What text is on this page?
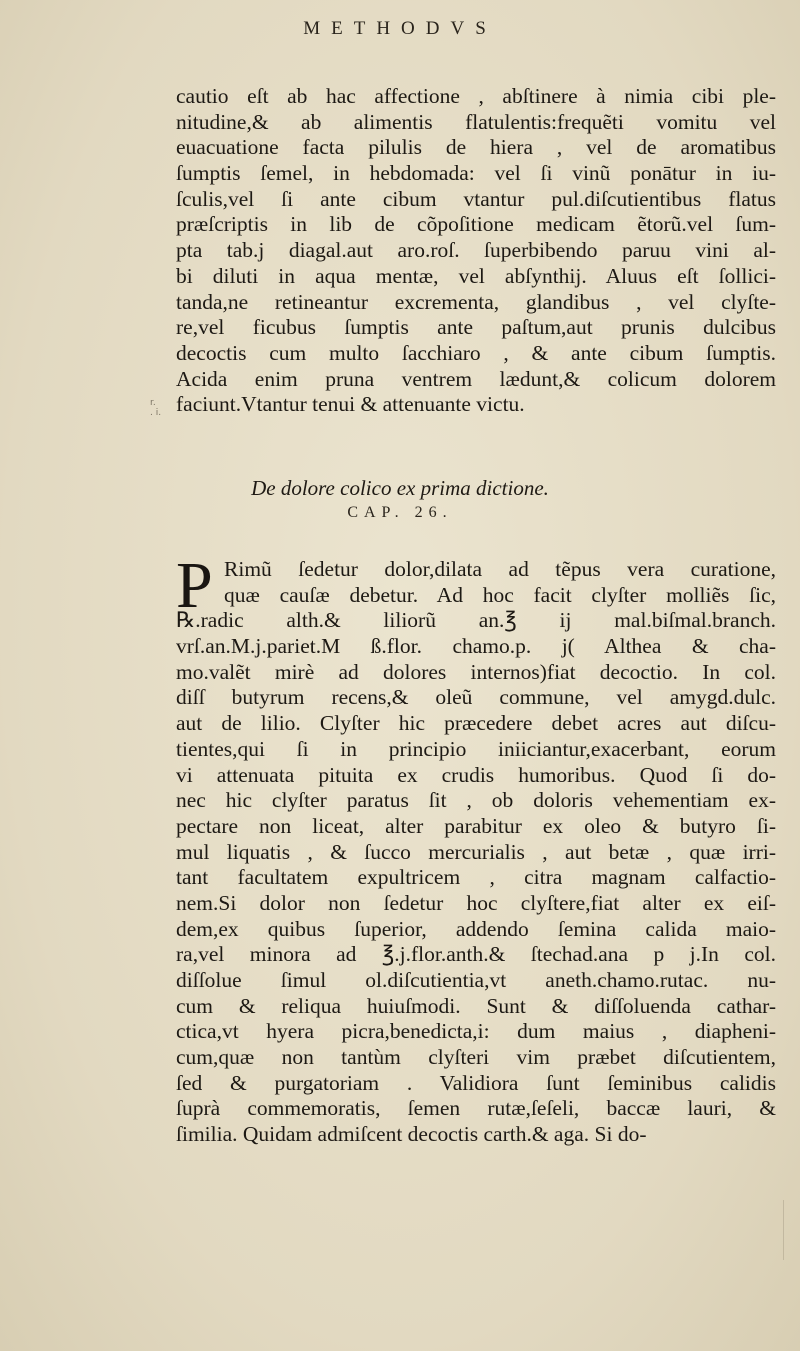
METHODVS
r.
. i.
cautio eſt ab hac affectione , abſtinere à nimia cibi ple-
nitudine,& ab alimentis flatulentis:frequẽti vomitu vel
euacuatione facta pilulis de hiera , vel de aromatibus
ſumptis ſemel, in hebdomada: vel ſi vinũ ponātur in iu-
ſculis,vel ſi ante cibum vtantur pul.diſcutientibus flatus
præſcriptis in lib de cõpoſitione medicam ẽtorũ.vel ſum-
pta tab.j diagal.aut aro.roſ. ſuperbibendo paruu vini al-
bi diluti in aqua mentæ, vel abſynthij. Aluus eſt ſollici-
tanda,ne retineantur excrementa, glandibus , vel clyſte-
re,vel ficubus ſumptis ante paſtum,aut prunis dulcibus
decoctis cum multo ſacchiaro , & ante cibum ſumptis.
Acida enim pruna ventrem lædunt,& colicum dolorem
faciunt.Vtantur tenui & attenuante victu.
De dolore colico ex prima dictione.
CAP. 26.
P Rimũ ſedetur dolor,dilata ad tẽpus vera curatione,
quæ cauſæ debetur. Ad hoc facit clyſter molliẽs ſic,
℞.radic alth.& liliorũ an.℥ ij mal.biſmal.branch.
vrſ.an.M.j.pariet.M ß.flor. chamo.p. j( Althea & cha-
mo.valẽt mirè ad dolores internos)fiat decoctio. In col.
diſſ butyrum recens,& oleũ commune, vel amygd.dulc.
aut de lilio. Clyſter hic præcedere debet acres aut diſcu-
tientes,qui ſi in principio iniiciantur,exacerbant, eorum
vi attenuata pituita ex crudis humoribus. Quod ſi do-
nec hic clyſter paratus ſit , ob doloris vehementiam ex-
pectare non liceat, alter parabitur ex oleo & butyro ſi-
mul liquatis , & ſucco mercurialis , aut betæ , quæ irri-
tant facultatem expultricem , citra magnam calfactio-
nem.Si dolor non ſedetur hoc clyſtere,fiat alter ex eiſ-
dem,ex quibus ſuperior, addendo ſemina calida maio-
ra,vel minora ad ℥.j.flor.anth.& ſtechad.ana p j.In col.
diſſolue ſimul ol.diſcutientia,vt aneth.chamo.rutac. nu-
cum & reliqua huiuſmodi. Sunt & diſſoluenda cathar-
ctica,vt hyera picra,benedicta,i: dum maius , diapheni-
cum,quæ non tantùm clyſteri vim præbet diſcutientem,
ſed & purgatoriam . Validiora ſunt ſeminibus calidis
ſuprà commemoratis, ſemen rutæ,ſeſeli, baccæ lauri, &
ſimilia. Quidam admiſcent decoctis carth.& aga. Si do-
